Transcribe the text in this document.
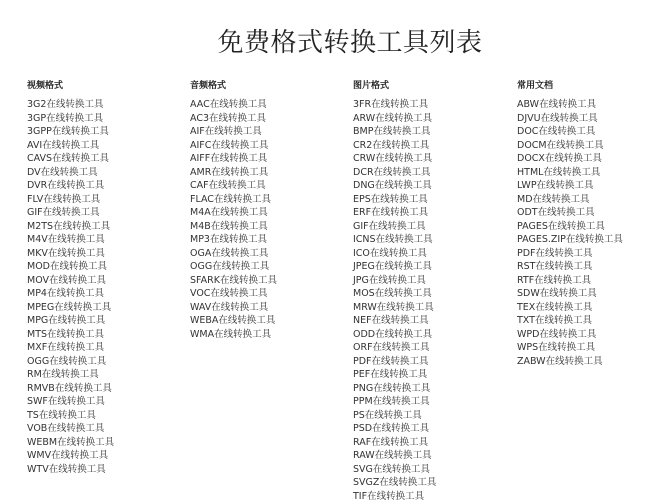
免费格式转换工具列表
视频格式
3G2在线转换工具
3GP在线转换工具
3GPP在线转换工具
AVI在线转换工具
CAVS在线转换工具
DV在线转换工具
DVR在线转换工具
FLV在线转换工具
GIF在线转换工具
M2TS在线转换工具
M4V在线转换工具
MKV在线转换工具
MOD在线转换工具
MOV在线转换工具
MP4在线转换工具
MPEG在线转换工具
MPG在线转换工具
MTS在线转换工具
MXF在线转换工具
OGG在线转换工具
RM在线转换工具
RMVB在线转换工具
SWF在线转换工具
TS在线转换工具
VOB在线转换工具
WEBM在线转换工具
WMV在线转换工具
WTV在线转换工具
音频格式
AAC在线转换工具
AC3在线转换工具
AIF在线转换工具
AIFC在线转换工具
AIFF在线转换工具
AMR在线转换工具
CAF在线转换工具
FLAC在线转换工具
M4A在线转换工具
M4B在线转换工具
MP3在线转换工具
OGA在线转换工具
OGG在线转换工具
SFARK在线转换工具
VOC在线转换工具
WAV在线转换工具
WEBA在线转换工具
WMA在线转换工具
图片格式
3FR在线转换工具
ARW在线转换工具
BMP在线转换工具
CR2在线转换工具
CRW在线转换工具
DCR在线转换工具
DNG在线转换工具
EPS在线转换工具
ERF在线转换工具
GIF在线转换工具
ICNS在线转换工具
ICO在线转换工具
JPEG在线转换工具
JPG在线转换工具
MOS在线转换工具
MRW在线转换工具
NEF在线转换工具
ODD在线转换工具
ORF在线转换工具
PDF在线转换工具
PEF在线转换工具
PNG在线转换工具
PPM在线转换工具
PS在线转换工具
PSD在线转换工具
RAF在线转换工具
RAW在线转换工具
SVG在线转换工具
SVGZ在线转换工具
TIF在线转换工具
常用文档
ABW在线转换工具
DJVU在线转换工具
DOC在线转换工具
DOCM在线转换工具
DOCX在线转换工具
HTML在线转换工具
LWP在线转换工具
MD在线转换工具
ODT在线转换工具
PAGES在线转换工具
PAGES.ZIP在线转换工具
PDF在线转换工具
RST在线转换工具
RTF在线转换工具
SDW在线转换工具
TEX在线转换工具
TXT在线转换工具
WPD在线转换工具
WPS在线转换工具
ZABW在线转换工具
